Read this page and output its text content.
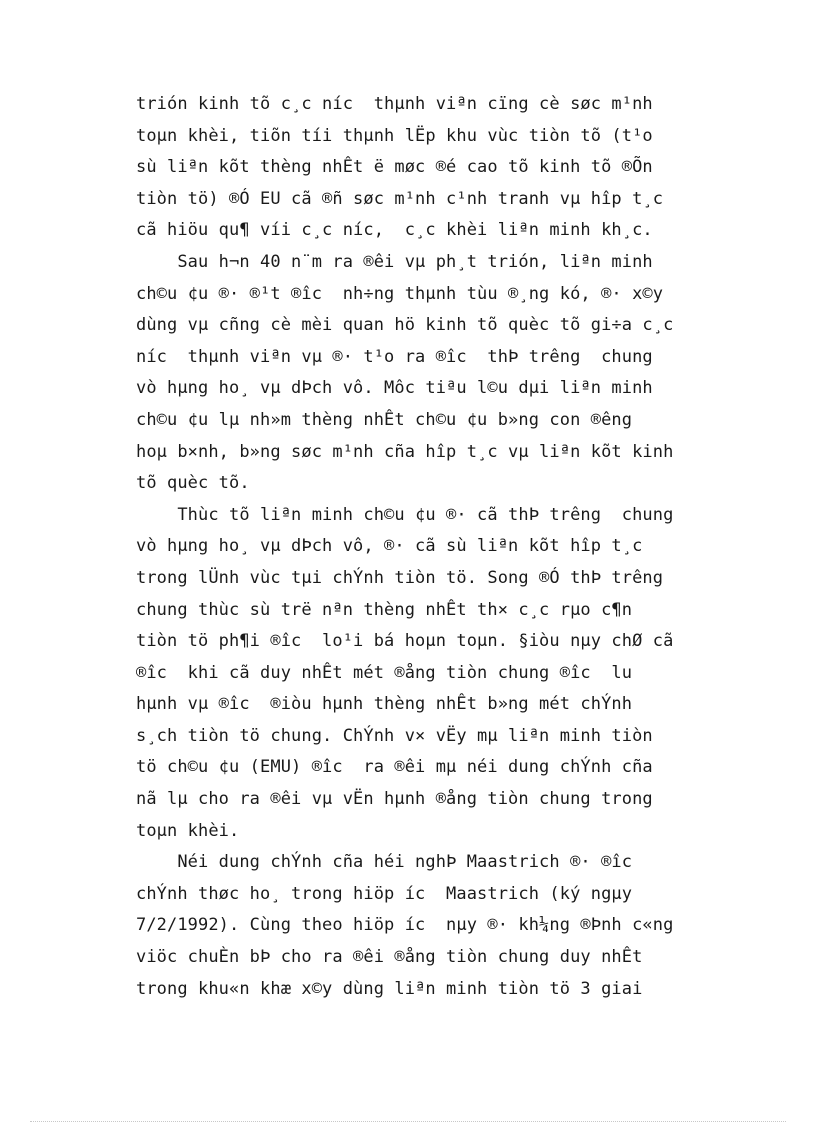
trión kinh tõ c¸c níc  thµnh viªn cïng cè søc m¹nh
toµn khèi, tiõn tíi thµnh lËp khu vùc tiòn tõ (t¹o
sù liªn kõt thèng nhÊt ë møc ®é cao tõ kinh tõ ®Õn
tiòn tö) ®Ó EU cã ®ñ søc m¹nh c¹nh tranh vµ hîp t¸c
cã hiöu qu¶ víi c¸c níc,  c¸c khèi liªn minh kh¸c.
Sau h¬n 40 n¨m ra ®êi vµ ph¸t trión, liªn minh
ch©u ¢u ®· ®¹t ®îc  nh÷ng thµnh tùu ®¸ng kó, ®· x©y
dùng vµ cñng cè mèi quan hö kinh tõ quèc tõ gi÷a c¸c
níc  thµnh viªn vµ ®· t¹o ra ®îc  thÞ trêng  chung
vò hµng ho¸ vµ dÞch vô. Môc tiªu l©u dµi liªn minh
ch©u ¢u lµ nh»m thèng nhÊt ch©u ¢u b»ng con ®êng
hoµ b×nh, b»ng søc m¹nh cña hîp t¸c vµ liªn kõt kinh
tõ quèc tõ.
Thùc tõ liªn minh ch©u ¢u ®· cã thÞ trêng  chung
vò hµng ho¸ vµ dÞch vô, ®· cã sù liªn kõt hîp t¸c
trong lÜnh vùc tµi chÝnh tiòn tö. Song ®Ó thÞ trêng
chung thùc sù trë nªn thèng nhÊt th× c¸c rµo c¶n
tiòn tö ph¶i ®îc  lo¹i bá hoµn toµn. §iòu nµy chØ cã
®îc  khi cã duy nhÊt mét ®ång tiòn chung ®îc  lu
hµnh vµ ®îc  ®iòu hµnh thèng nhÊt b»ng mét chÝnh
s¸ch tiòn tö chung. ChÝnh v× vËy mµ liªn minh tiòn
tö ch©u ¢u (EMU) ®îc  ra ®êi mµ néi dung chÝnh cña
nã lµ cho ra ®êi vµ vËn hµnh ®ång tiòn chung trong
toµn khèi.
Néi dung chÝnh cña héi nghÞ Maastrich ®· ®îc
chÝnh thøc ho¸ trong hiöp íc  Maastrich (ký ngµy
7/2/1992). Cùng theo hiöp íc  nµy ®· kh¼ng ®Þnh c«ng
viöc chuÈn bÞ cho ra ®êi ®ång tiòn chung duy nhÊt
trong khu«n khæ x©y dùng liªn minh tiòn tö 3 giai
